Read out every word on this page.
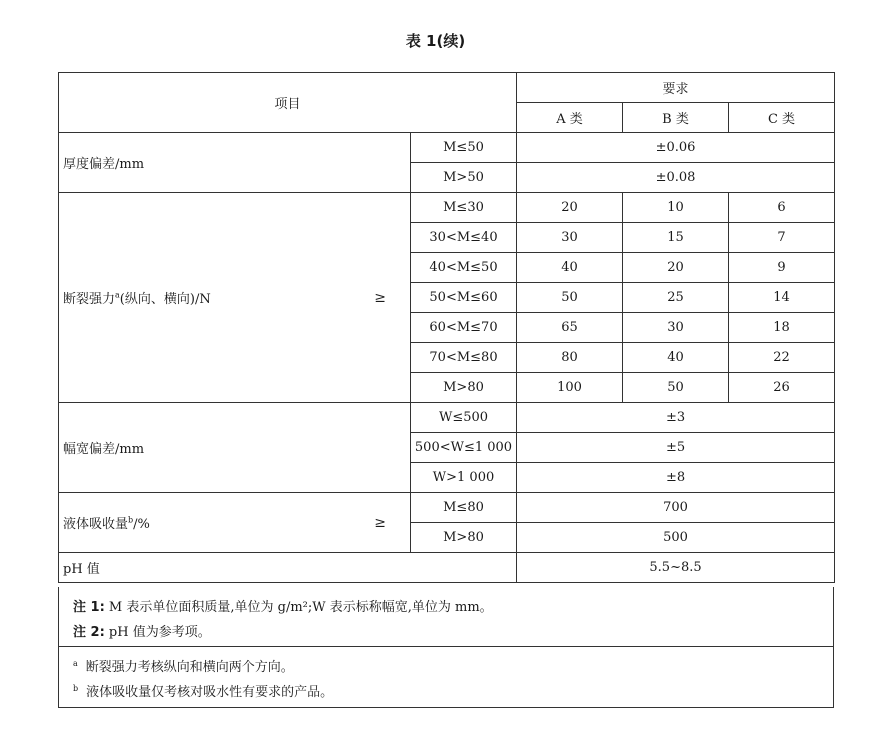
表 1(续)
项目		要求		
		A 类	B 类	C 类
厚度偏差/mm	M≤50	±0.06		
	M>50	±0.08		
断裂强力$^a$(纵向、横向)/N ≥	M≤30	20	10	6
	30<M≤40	30	15	7
	40<M≤50	40	20	9
	50<M≤60	50	25	14
	60<M≤70	65	30	18
	70<M≤80	80	40	22
	M>80	100	50	26
幅宽偏差/mm	W≤500	±3		
	500<W≤1 000	±5		
	W>1 000	±8		
液体吸收量$^b$/% ≥	M≤80	700		
	M>80	500		
pH 值		5.5~8.5		
注 1: M 表示单位面积质量,单位为 g/m²;W 表示标称幅宽,单位为 mm。
注 2: pH 值为参考项。
$^a$ 断裂强力考核纵向和横向两个方向。
$^b$ 液体吸收量仅考核对吸水性有要求的产品。
